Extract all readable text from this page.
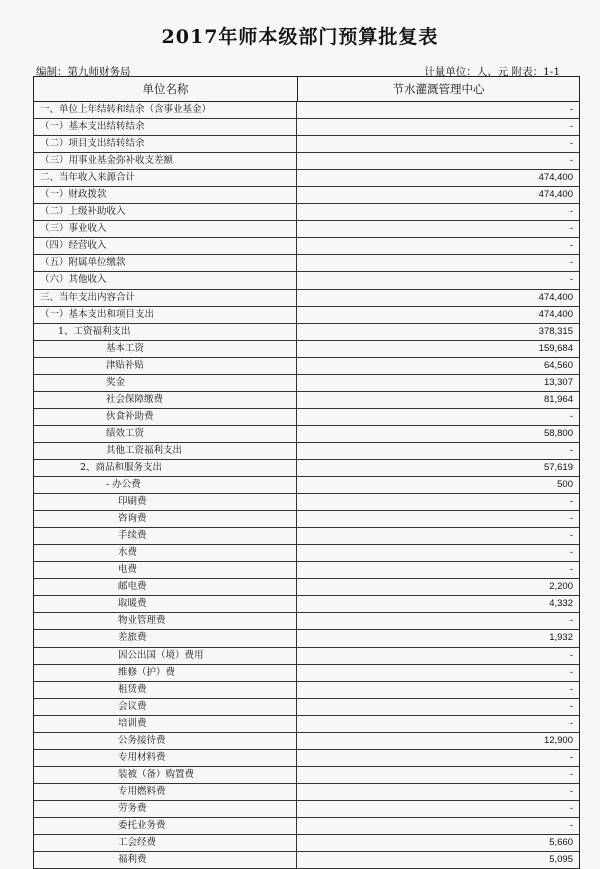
2017年师本级部门预算批复表
编制：第九师财务局	计量单位：人、元 附表：1-1
单位名称	节水灌溉管理中心
一、单位上年结转和结余（含事业基金）	-
（一）基本支出结转结余	-
（二）项目支出结转结余	-
（三）用事业基金弥补收支差额	-
二、当年收入来源合计	474,400
（一）财政拨款	474,400
（二）上级补助收入	-
（三）事业收入	-
（四）经营收入	-
（五）附属单位缴款	-
（六）其他收入	-
三、当年支出内容合计	474,400
（一）基本支出和项目支出	474,400
1、工资福利支出	378,315
基本工资	159,684
津贴补贴	64,560
奖金	13,307
社会保障缴费	81,964
伙食补助费	-
绩效工资	58,800
其他工资福利支出	-
2、商品和服务支出	57,619
- 办公费	500
印刷费	-
咨询费	-
手续费	-
水费	-
电费	-
邮电费	2,200
取暖费	4,332
物业管理费	-
差旅费	1,932
因公出国（境）费用	-
维修（护）费	-
租赁费	-
会议费	-
培训费	-
公务接待费	12,900
专用材料费	-
装被（备）购置费	-
专用燃料费	-
劳务费	-
委托业务费	-
工会经费	5,660
福利费	5,095
